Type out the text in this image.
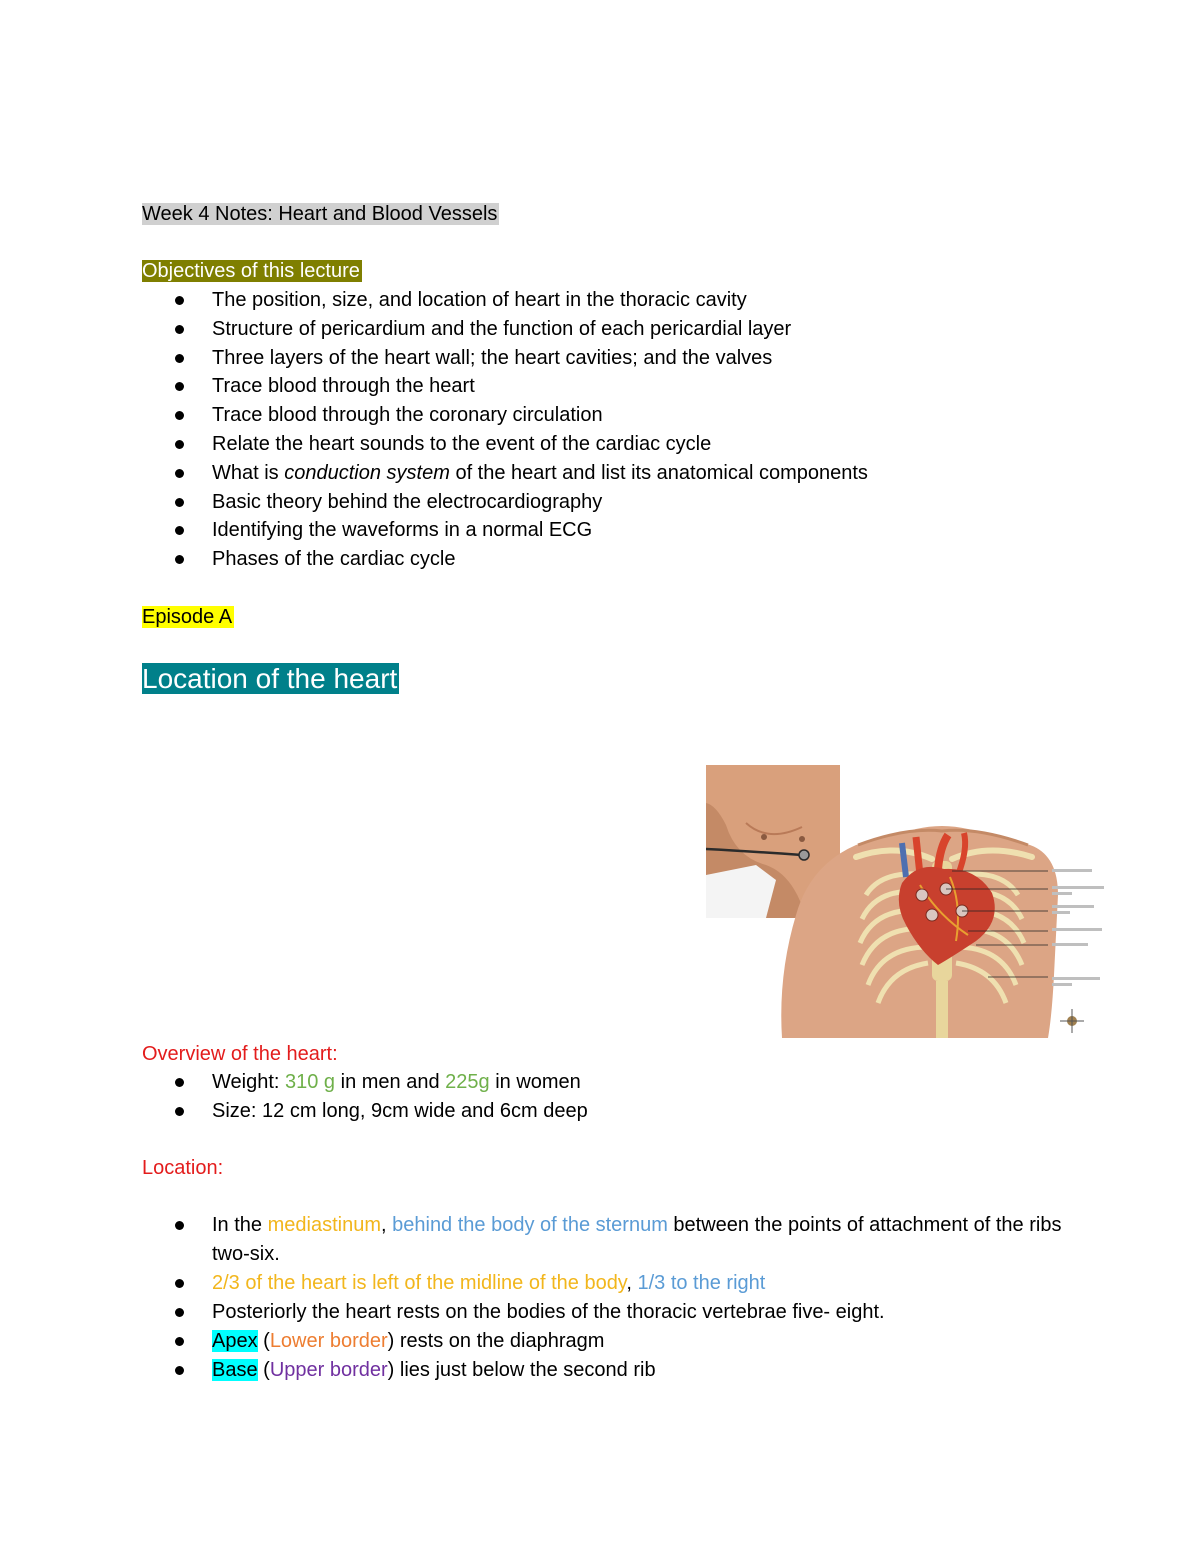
Week 4 Notes: Heart and Blood Vessels
Objectives of this lecture
The position, size, and location of heart in the thoracic cavity
Structure of pericardium and the function of each pericardial layer
Three layers of the heart wall; the heart cavities; and the valves
Trace blood through the heart
Trace blood through the coronary circulation
Relate the heart sounds to the event of the cardiac cycle
What is conduction system of the heart and list its anatomical components
Basic theory behind the electrocardiography
Identifying the waveforms in a normal ECG
Phases of the cardiac cycle
Episode A
Location of the heart
Overview of the heart:
Weight: 310 g in men and 225g in women
Size: 12 cm long, 9cm wide and 6cm deep
Location:
In the mediastinum, behind the body of the sternum between the points of attachment of the ribs two-six.
2/3 of the heart is left of the midline of the body, 1/3 to the right
Posteriorly the heart rests on the bodies of the thoracic vertebrae five- eight.
Apex (Lower border) rests on the diaphragm
Base (Upper border) lies just below the second rib
